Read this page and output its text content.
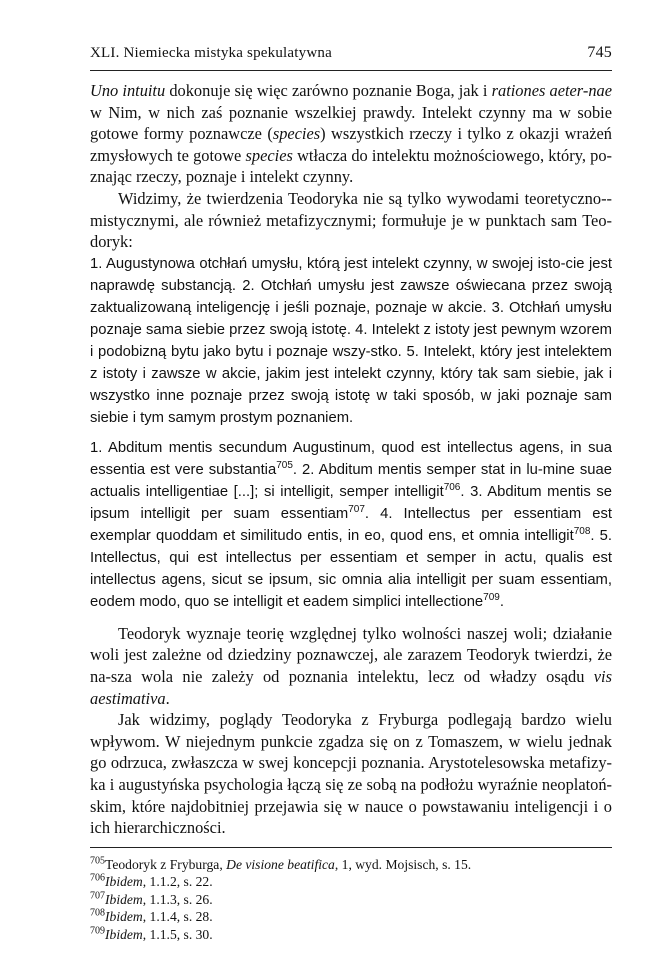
XLI. Niemiecka mistyka spekulatywna	745

Uno intuitu dokonuje się więc zarówno poznanie Boga, jak i rationes aeter-nae w Nim, w nich zaś poznanie wszelkiej prawdy. Intelekt czynny ma w sobie gotowe formy poznawcze (species) wszystkich rzeczy i tylko z okazji wrażeń zmysłowych te gotowe species wtłacza do intelektu możnościowego, który, po-znając rzeczy, poznaje i intelekt czynny.

Widzimy, że twierdzenia Teodoryka nie są tylko wywodami teoretyczno--mistycznymi, ale również metafizycznymi; formułuje je w punktach sam Teo-doryk:

1. Augustynowa otchłań umysłu, którą jest intelekt czynny, w swojej isto-cie jest naprawdę substancją. 2. Otchłań umysłu jest zawsze oświecana przez swoją zaktualizowaną inteligencję i jeśli poznaje, poznaje w akcie. 3. Otchłań umysłu poznaje sama siebie przez swoją istotę. 4. Intelekt z istoty jest pewnym wzorem i podobizną bytu jako bytu i poznaje wszy-stko. 5. Intelekt, który jest intelektem z istoty i zawsze w akcie, jakim jest intelekt czynny, który tak sam siebie, jak i wszystko inne poznaje przez swoją istotę w taki sposób, w jaki poznaje sam siebie i tym samym prostym poznaniem.

1. Abditum mentis secundum Augustinum, quod est intellectus agens, in sua essentia est vere substantia$^{705}$. 2. Abditum mentis semper stat in lu-mine suae actualis intelligentiae [...]; si intelligit, semper intelligit$^{706}$. 3. Abditum mentis se ipsum intelligit per suam essentiam$^{707}$. 4. Intellectus per essentiam est exemplar quoddam et similitudo entis, in eo, quod ens, et omnia intelligit$^{708}$. 5. Intellectus, qui est intellectus per essentiam et semper in actu, qualis est intellectus agens, sicut se ipsum, sic omnia alia intelligit per suam essentiam, eodem modo, quo se intelligit et eadem simplici intellectione$^{709}$.

Teodoryk wyznaje teorię względnej tylko wolności naszej woli; działanie woli jest zależne od dziedziny poznawczej, ale zarazem Teodoryk twierdzi, że na-sza wola nie zależy od poznania intelektu, lecz od władzy osądu vis aestimativa.

Jak widzimy, poglądy Teodoryka z Fryburga podlegają bardzo wielu wpływom. W niejednym punkcie zgadza się on z Tomaszem, w wielu jednak go odrzuca, zwłaszcza w swej koncepcji poznania. Arystotelesowska metafizy-ka i augustyńska psychologia łączą się ze sobą na podłożu wyraźnie neoplatoń-skim, które najdobitniej przejawia się w nauce o powstawaniu inteligencji i o ich hierarchiczności.

$^{705}$Teodoryk z Fryburga, De visione beatifica, 1, wyd. Mojsisch, s. 15.

$^{706}$Ibidem, 1.1.2, s. 22.

$^{707}$Ibidem, 1.1.3, s. 26.

$^{708}$Ibidem, 1.1.4, s. 28.

$^{709}$Ibidem, 1.1.5, s. 30.
